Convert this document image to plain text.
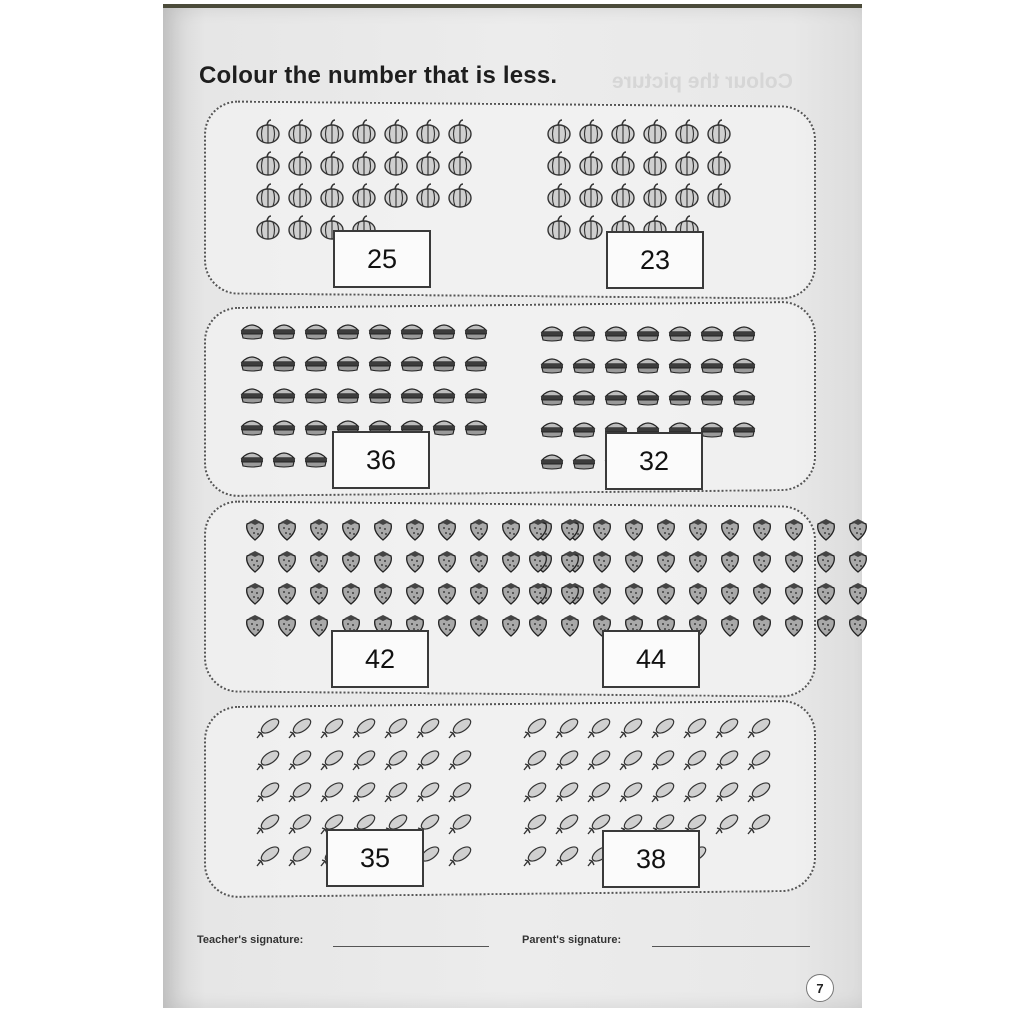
Colour the picture
Colour the number that is less.
25	23
36	32
42	44
35	38
Teacher's signature:	Parent's signature:
7
